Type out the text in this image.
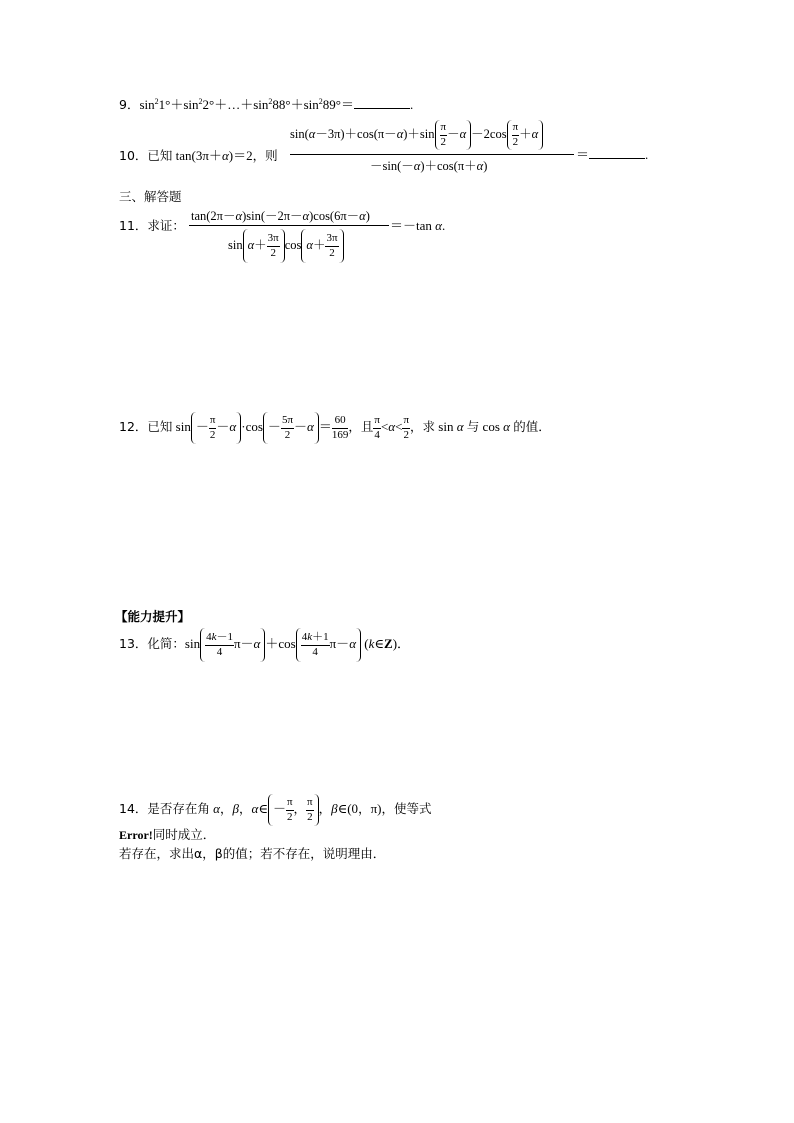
9．$\sin^21^\circ+\sin^22^\circ+\dots+\sin^288^\circ+\sin^289^\circ=$	.
$\sin(\alpha-3\pi)+\cos(\pi-\alpha)+\sin \frac{\pi}{2} -\alpha -2\cos \frac{\pi}{2} +\alpha$
10．已知 tan(3π＋α)＝2，则
－sin(－α)＋cos(π＋α)
＝	.
三、解答题
tan(2π－α)sin(－2π－α)cos(6π－α)
11．求证：	＝－tan α.
$\sin \alpha+ \frac{3\pi}{2}$ $\cos \alpha+ \frac{3\pi}{2}$
12．已知 $\sin - \frac{\pi}{2} -\alpha \cdot\cos - \frac{5\pi}{2} -\alpha = \frac{60}{169}$ ，且 $\frac{\pi}{4} <\alpha< \frac{\pi}{2}$ ，求 sin α 与 cos α 的值．
【能力提升】
13．化简：$\sin \frac{4k-1}{4} \pi-\alpha +\cos \frac{4k+1}{4} \pi-\alpha$ (k∈Z)．
14．是否存在角 α，β，α∈ － $\frac{\pi}{2}$ ， $\frac{\pi}{2}$ ，β∈(0，π)，使等式
Error!同时成立．
若存在，求出α，β的值；若不存在，说明理由．
